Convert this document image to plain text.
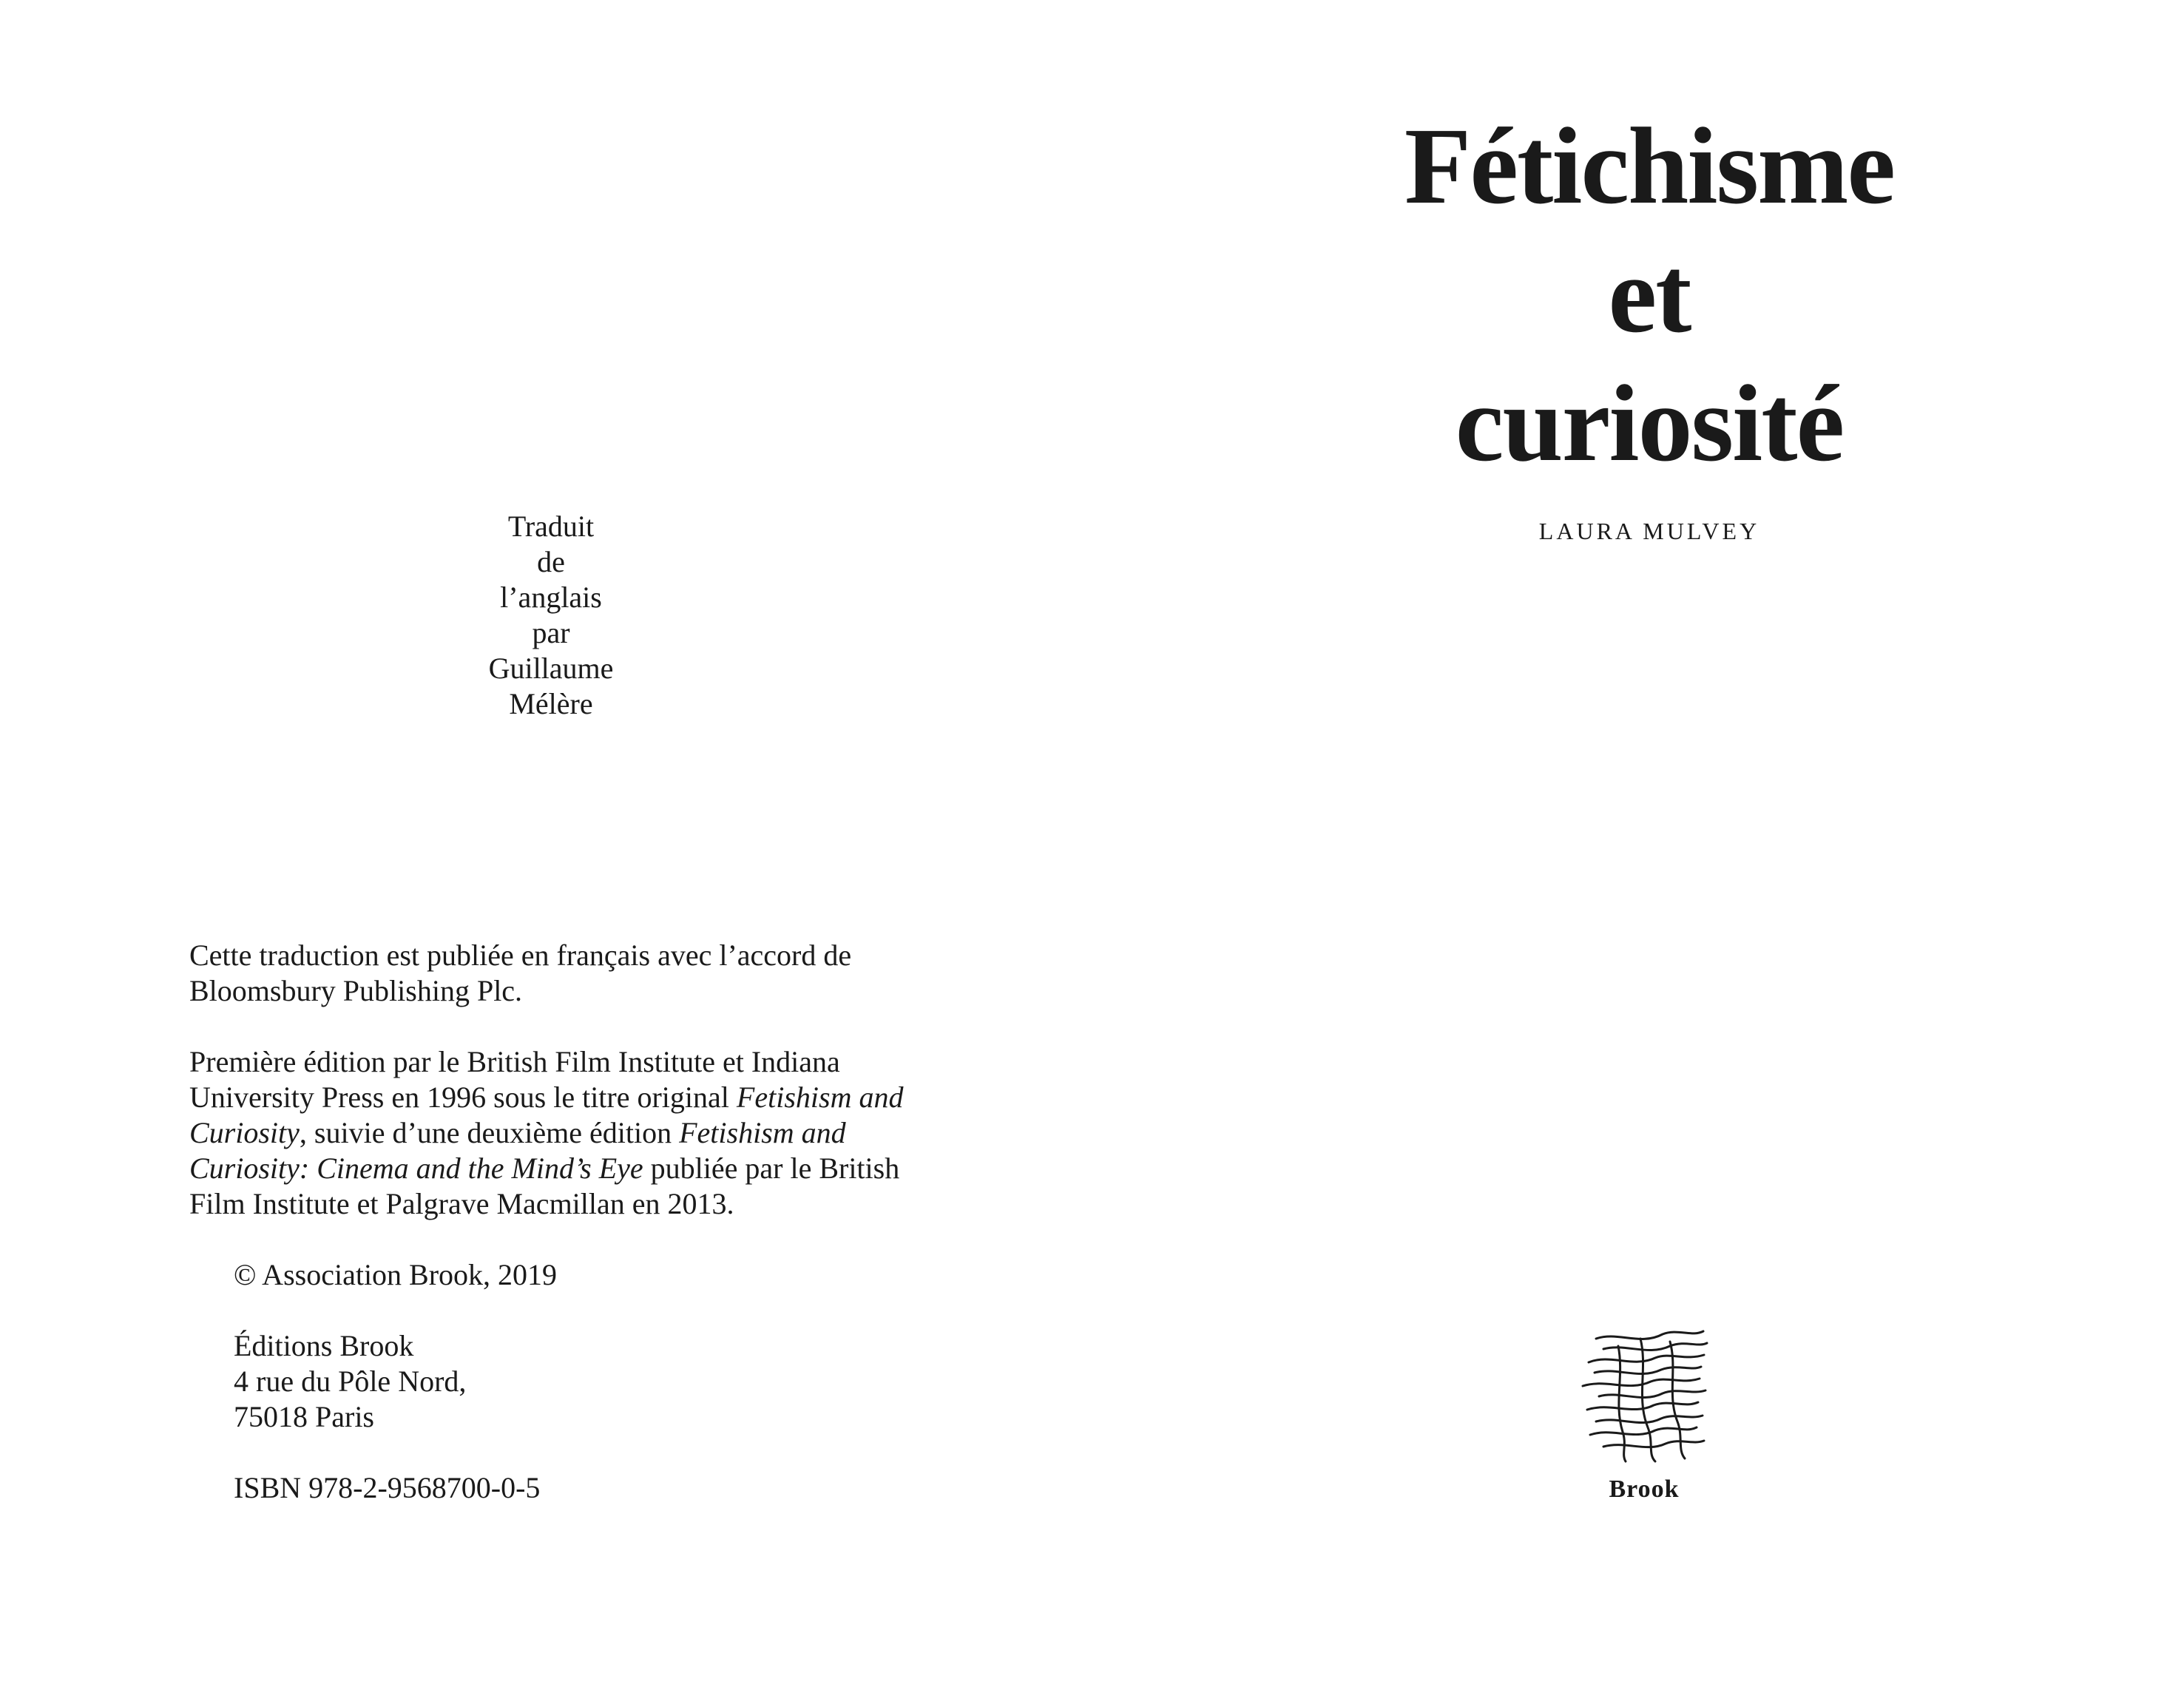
Traduit
de
l’anglais
par
Guillaume
Mélère

Cette traduction est publiée en français avec l’accord de Bloomsbury Publishing Plc.

Première édition par le British Film Institute et Indiana University Press en 1996 sous le titre original Fetishism and Curiosity, suivie d’une deuxième édition Fetishism and Curiosity: Cinema and the Mind’s Eye publiée par le British Film Institute et Palgrave Macmillan en 2013.

© Association Brook, 2019

Éditions Brook
4 rue du Pôle Nord,
75018 Paris

ISBN 978-2-9568700-0-5

Fétichisme
et
curiosité
LAURA MULVEY
Brook
